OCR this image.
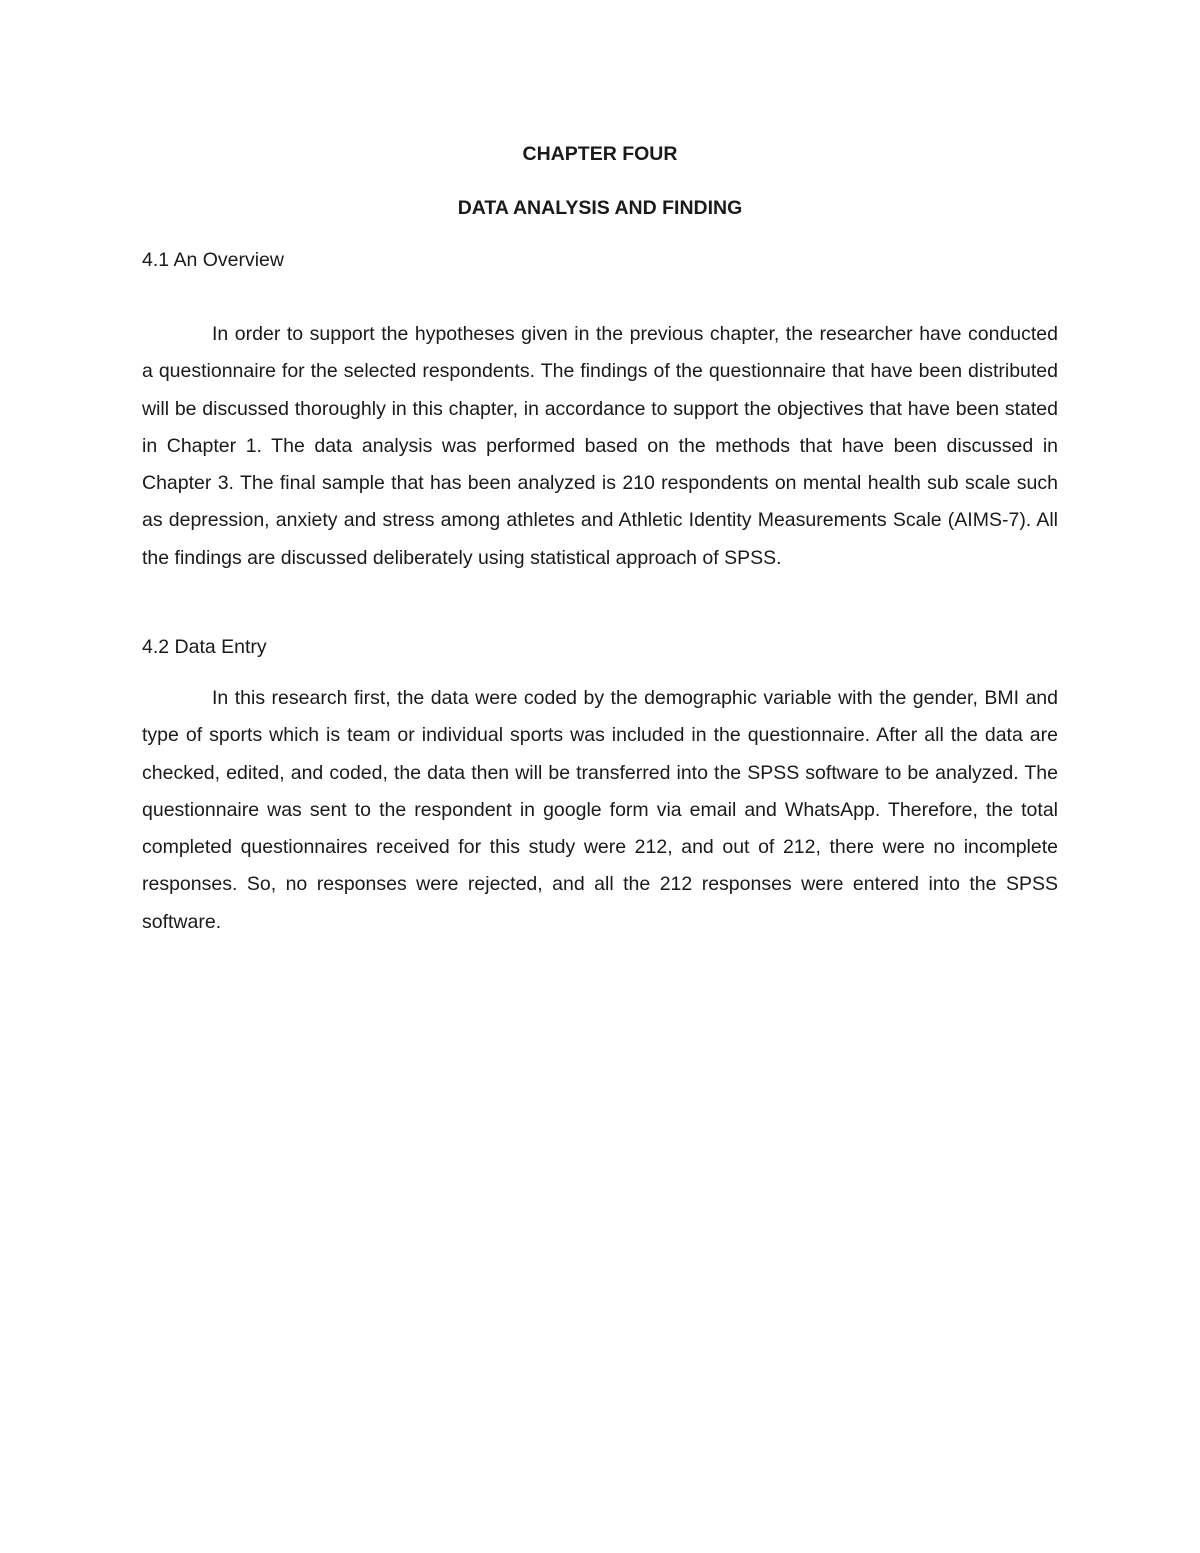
CHAPTER FOUR
DATA ANALYSIS AND FINDING
4.1 An Overview

In order to support the hypotheses given in the previous chapter, the researcher have conducted a questionnaire for the selected respondents. The findings of the questionnaire that have been distributed will be discussed thoroughly in this chapter, in accordance to support the objectives that have been stated in Chapter 1. The data analysis was performed based on the methods that have been discussed in Chapter 3. The final sample that has been analyzed is 210 respondents on mental health sub scale such as depression, anxiety and stress among athletes and Athletic Identity Measurements Scale (AIMS-7). All the findings are discussed deliberately using statistical approach of SPSS.

4.2 Data Entry

In this research first, the data were coded by the demographic variable with the gender, BMI and type of sports which is team or individual sports was included in the questionnaire. After all the data are checked, edited, and coded, the data then will be transferred into the SPSS software to be analyzed. The questionnaire was sent to the respondent in google form via email and WhatsApp. Therefore, the total completed questionnaires received for this study were 212, and out of 212, there were no incomplete responses. So, no responses were rejected, and all the 212 responses were entered into the SPSS software.
